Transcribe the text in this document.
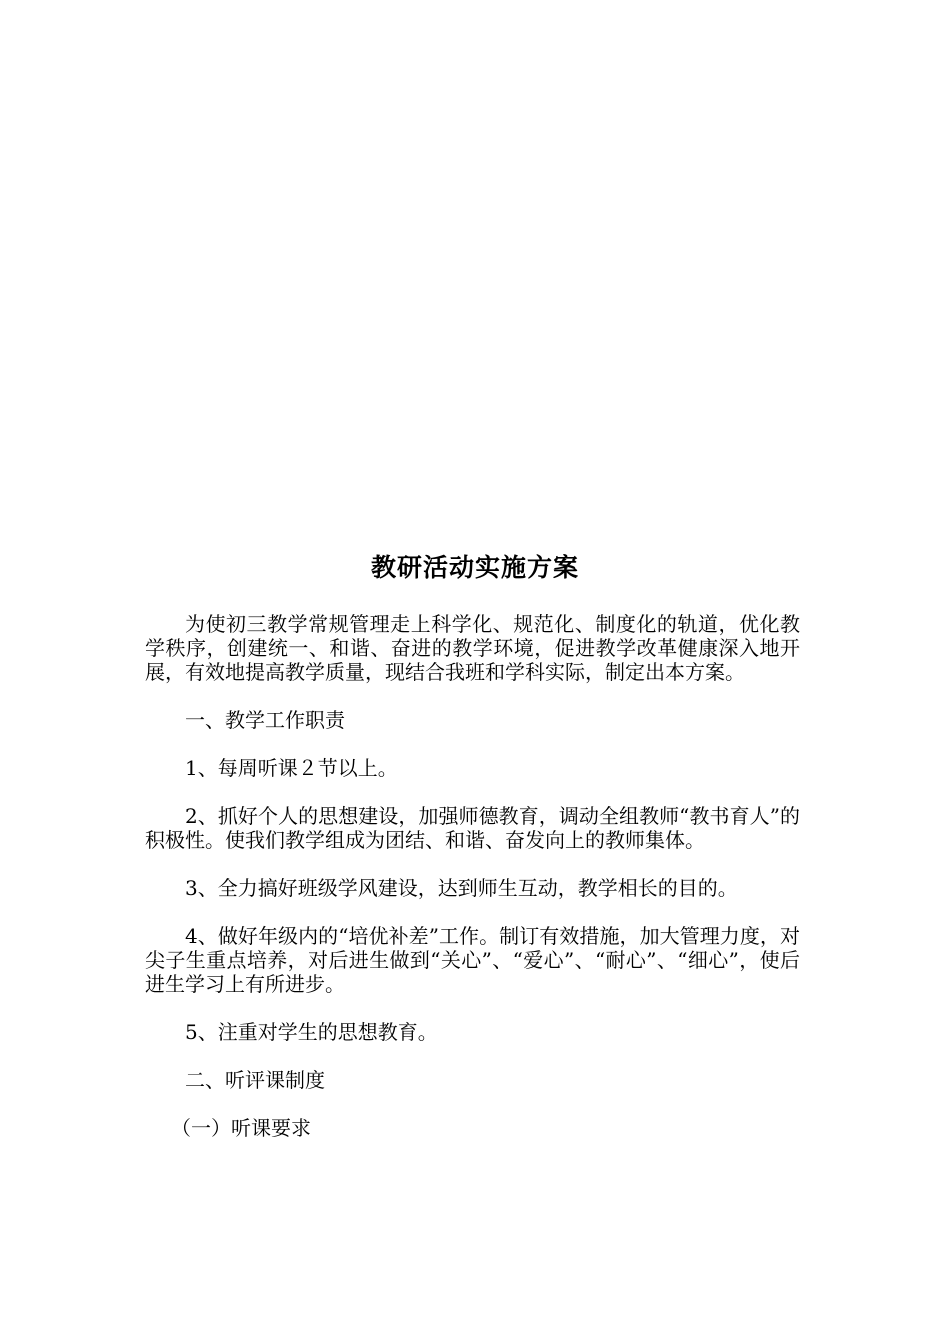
教研活动实施方案

为使初三教学常规管理走上科学化、规范化、制度化的轨道，优化教学秩序，创建统一、和谐、奋进的教学环境，促进教学改革健康深入地开展，有效地提高教学质量，现结合我班和学科实际，制定出本方案。

一、教学工作职责

1、每周听课２节以上。

2、抓好个人的思想建设，加强师德教育，调动全组教师“教书育人”的积极性。使我们教学组成为团结、和谐、奋发向上的教师集体。

3、全力搞好班级学风建设，达到师生互动，教学相长的目的。

4、做好年级内的“培优补差”工作。制订有效措施，加大管理力度，对尖子生重点培养，对后进生做到“关心”、“爱心”、“耐心”、“细心”，使后进生学习上有所进步。

5、注重对学生的思想教育。

二、听评课制度

（一）听课要求
